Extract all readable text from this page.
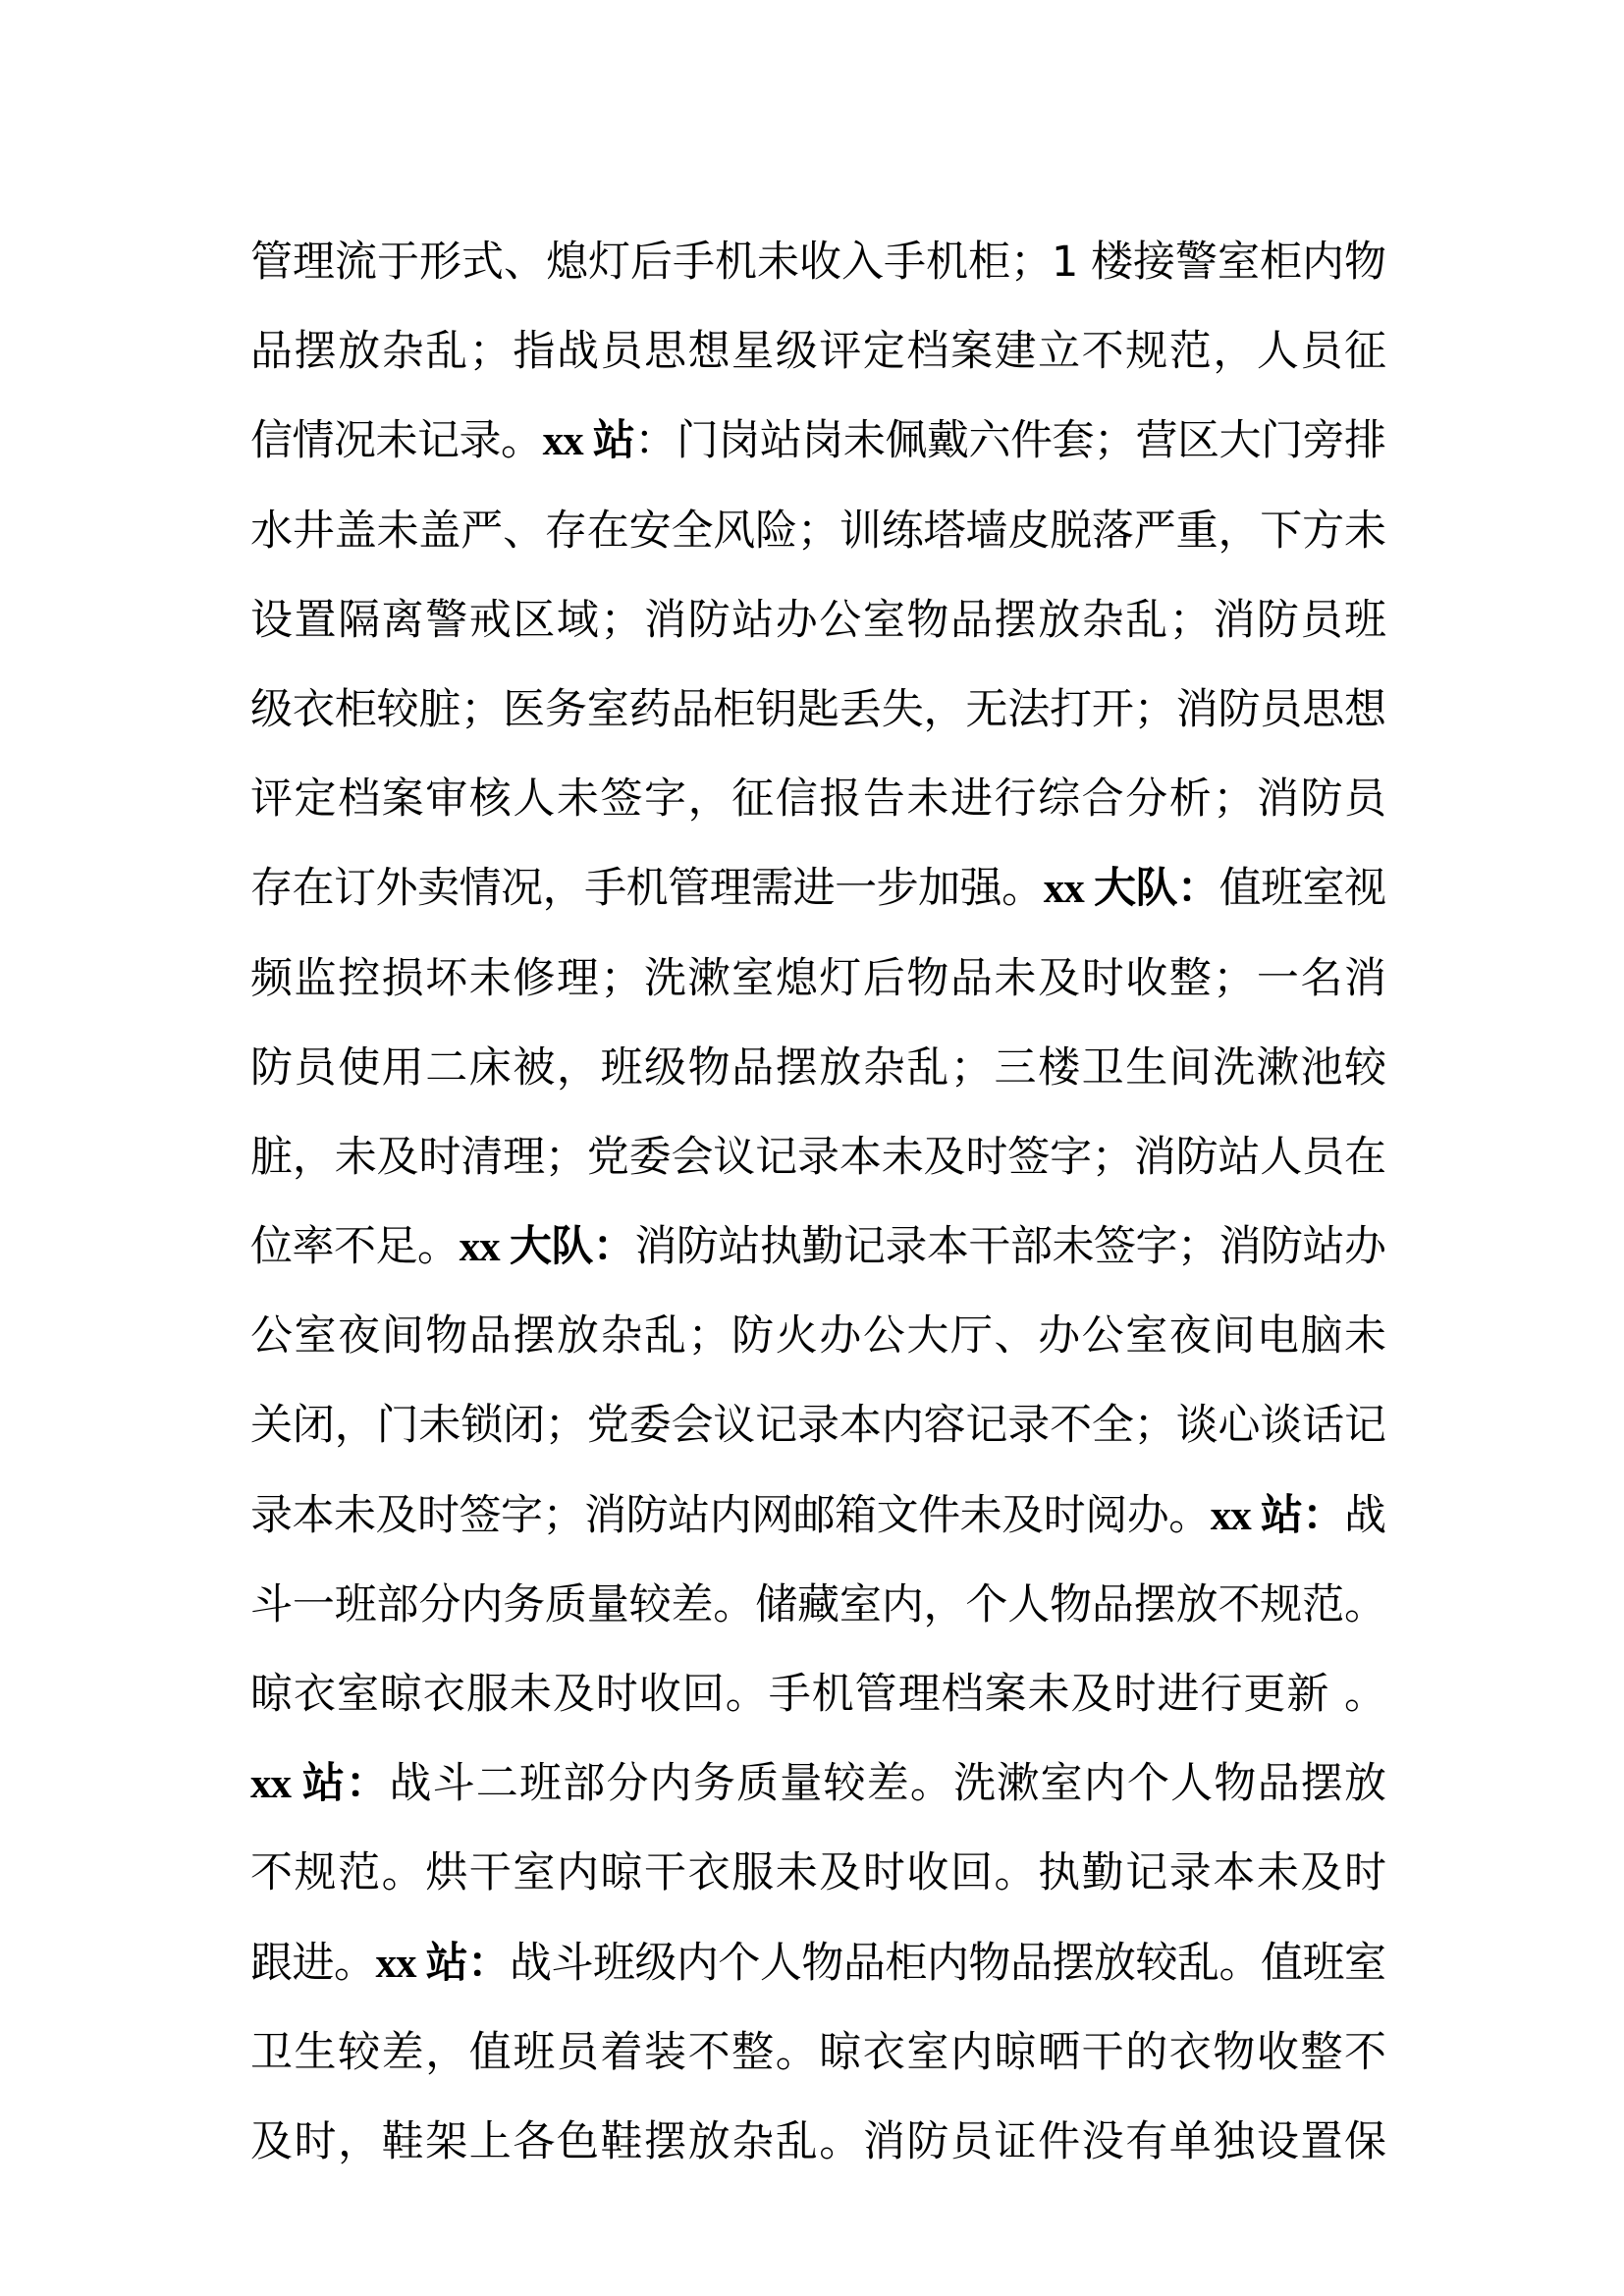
管理流于形式、熄灯后手机未收入手机柜；1 楼接警室柜内物
品摆放杂乱；指战员思想星级评定档案建立不规范，人员征
信情况未记录。xx 站：门岗站岗未佩戴六件套；营区大门旁排
水井盖未盖严、存在安全风险；训练塔墙皮脱落严重，下方未
设置隔离警戒区域；消防站办公室物品摆放杂乱；消防员班
级衣柜较脏；医务室药品柜钥匙丢失，无法打开；消防员思想
评定档案审核人未签字，征信报告未进行综合分析；消防员
存在订外卖情况，手机管理需进一步加强。xx 大队：值班室视
频监控损坏未修理；洗漱室熄灯后物品未及时收整；一名消
防员使用二床被，班级物品摆放杂乱；三楼卫生间洗漱池较
脏，未及时清理；党委会议记录本未及时签字；消防站人员在
位率不足。xx 大队：消防站执勤记录本干部未签字；消防站办
公室夜间物品摆放杂乱；防火办公大厅、办公室夜间电脑未
关闭，门未锁闭；党委会议记录本内容记录不全；谈心谈话记
录本未及时签字；消防站内网邮箱文件未及时阅办。xx 站：战
斗一班部分内务质量较差。储藏室内，个人物品摆放不规范。
晾衣室晾衣服未及时收回。手机管理档案未及时进行更新 。
xx 站：战斗二班部分内务质量较差。洗漱室内个人物品摆放
不规范。烘干室内晾干衣服未及时收回。执勤记录本未及时
跟进。xx 站：战斗班级内个人物品柜内物品摆放较乱。值班室
卫生较差，值班员着装不整。晾衣室内晾晒干的衣物收整不
及时，鞋架上各色鞋摆放杂乱。消防员证件没有单独设置保
